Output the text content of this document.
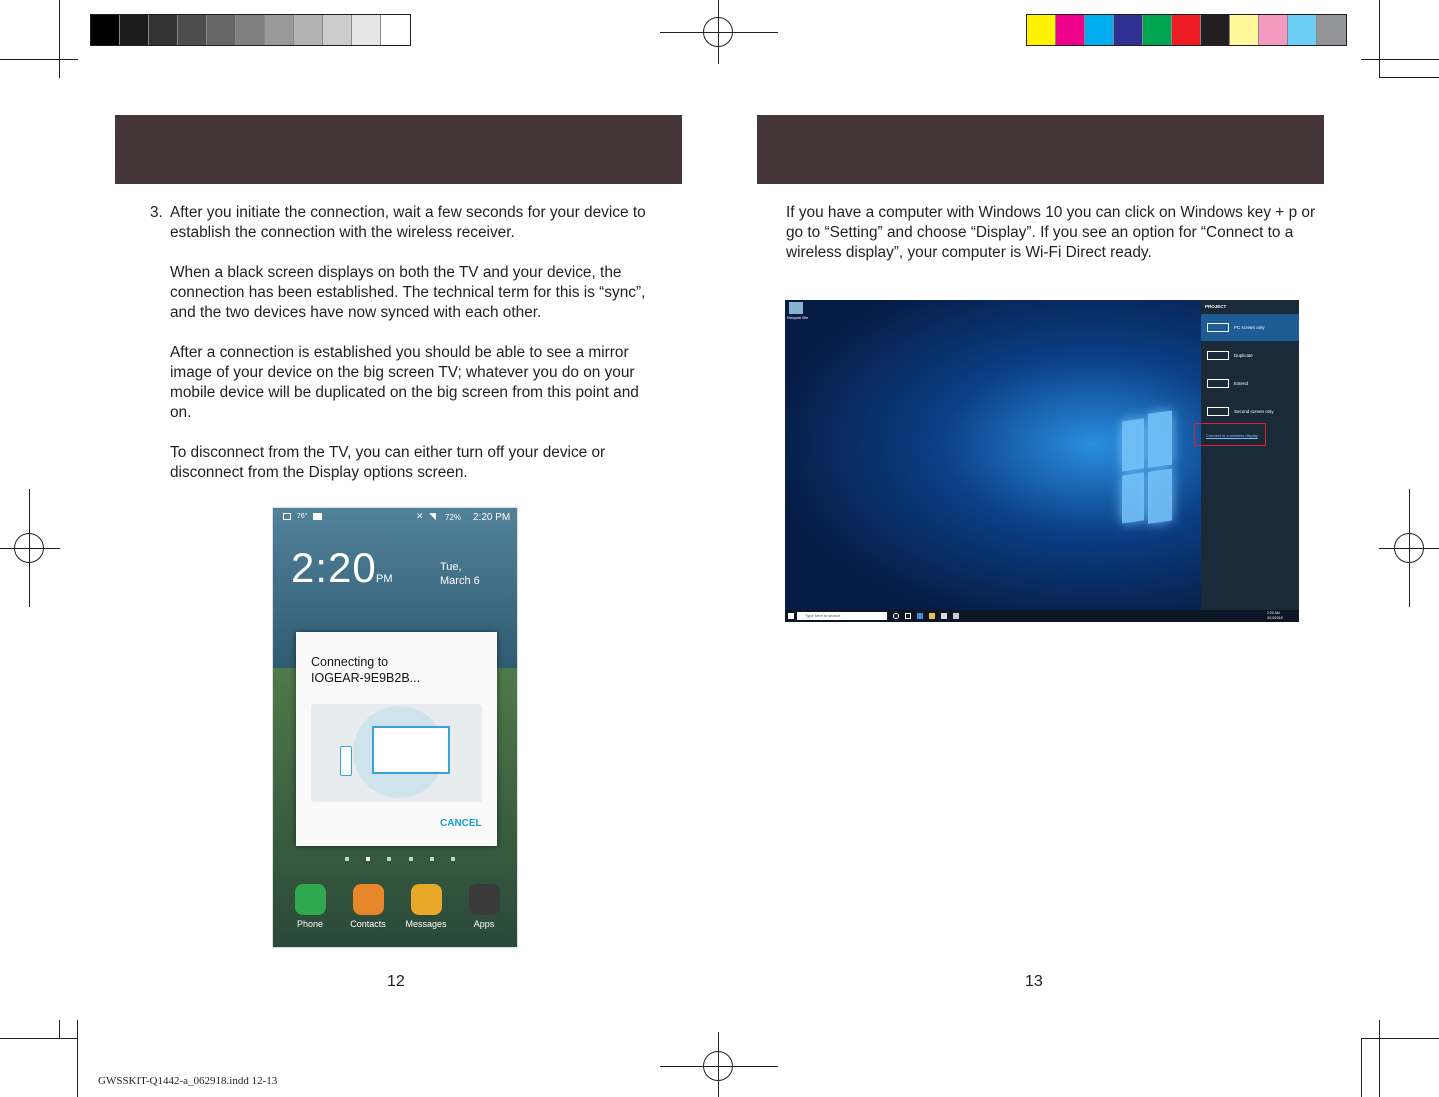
3. After you initiate the connection, wait a few seconds for your device to establish the connection with the wireless receiver.

When a black screen displays on both the TV and your device, the connection has been established. The technical term for this is “sync”, and the two devices have now synced with each other.

After a connection is established you should be able to see a mirror image of your device on the big screen TV; whatever you do on your mobile device will be duplicated on the big screen from this point and on.

To disconnect from the TV, you can either turn off your device or disconnect from the Display options screen.

76°	✕ ◥ 72% 2:20 PM
2:20 PM
Tue,
March 6
Connecting to
IOGEAR-9E9B2B...
CANCEL
Phone	Contacts	Messages	Apps
12

If you have a computer with Windows 10 you can click on Windows key + p or go to “Setting” and choose “Display”. If you see an option for “Connect to a wireless display”, your computer is Wi-Fi Direct ready.

Recycle Bin
PROJECT
PC screen only
Duplicate
Extend
Second screen only
Connect to a wireless display
Type here to search	2:20 AM
3/13/2018
13
GWSSKIT-Q1442-a_062918.indd 12-13
